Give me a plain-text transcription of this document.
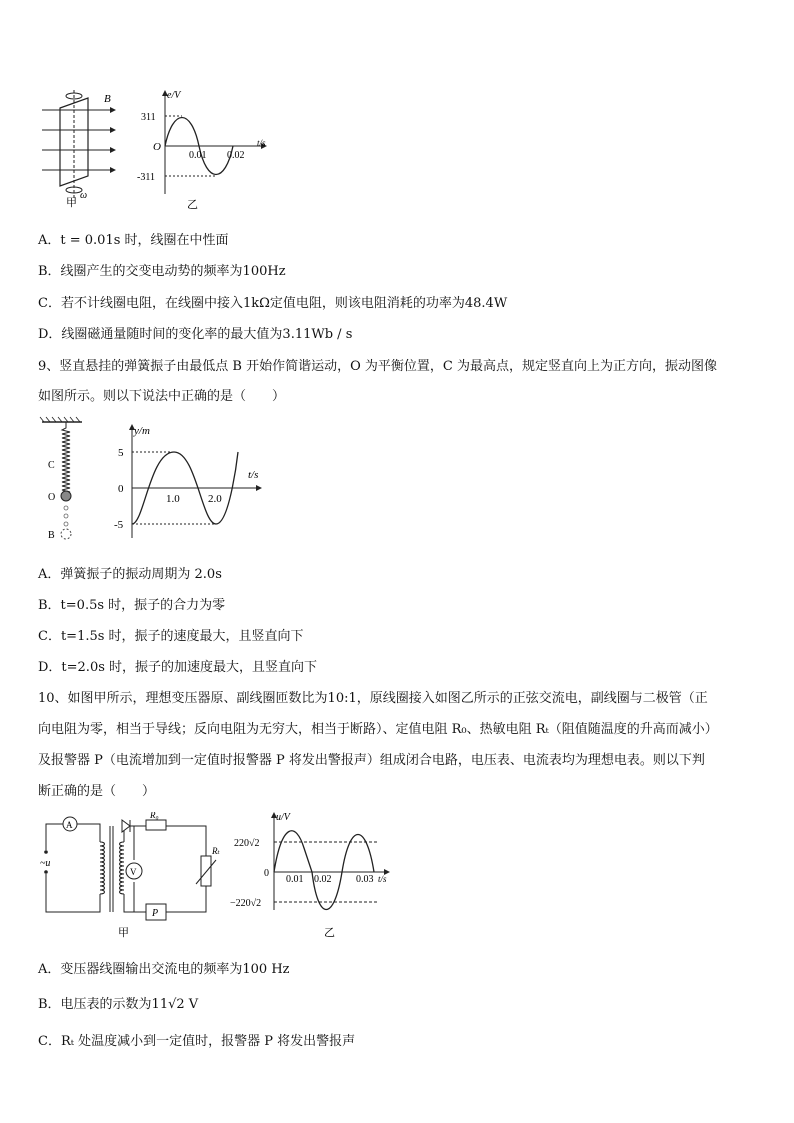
B
ω
甲
e/V
311
-311
O
0.01 0.02
t/s
乙
A．t = 0.01s 时，线圈在中性面
B．线圈产生的交变电动势的频率为100Hz
C．若不计线圈电阻，在线圈中接入1kΩ定值电阻，则该电阻消耗的功率为48.4W
D．线圈磁通量随时间的变化率的最大值为3.11Wb / s
9、竖直悬挂的弹簧振子由最低点 B 开始作简谐运动，O 为平衡位置，C 为最高点，规定竖直向上为正方向，振动图像
如图所示。则以下说法中正确的是（　　）
C
O
B
y/m
5
0
-5
1.0	2.0
t/s
A．弹簧振子的振动周期为 2.0s
B．t=0.5s 时，振子的合力为零
C．t=1.5s 时，振子的速度最大，且竖直向下
D．t=2.0s 时，振子的加速度最大，且竖直向下
10、如图甲所示，理想变压器原、副线圈匝数比为10:1，原线圈接入如图乙所示的正弦交流电，副线圈与二极管（正
向电阻为零，相当于导线；反向电阻为无穷大，相当于断路）、定值电阻 R₀、热敏电阻 Rₜ（阻值随温度的升高而减小）
及报警器 P（电流增加到一定值时报警器 P 将发出警报声）组成闭合电路，电压表、电流表均为理想电表。则以下判
断正确的是（　　）
A
V
P
R₀
Rₜ
~u
甲
u/V
220√2
−220√2
0
0.01 0.02 0.03 t/s
乙
A．变压器线圈输出交流电的频率为100 Hz
B．电压表的示数为11√2 V
C．Rₜ 处温度减小到一定值时，报警器 P 将发出警报声
